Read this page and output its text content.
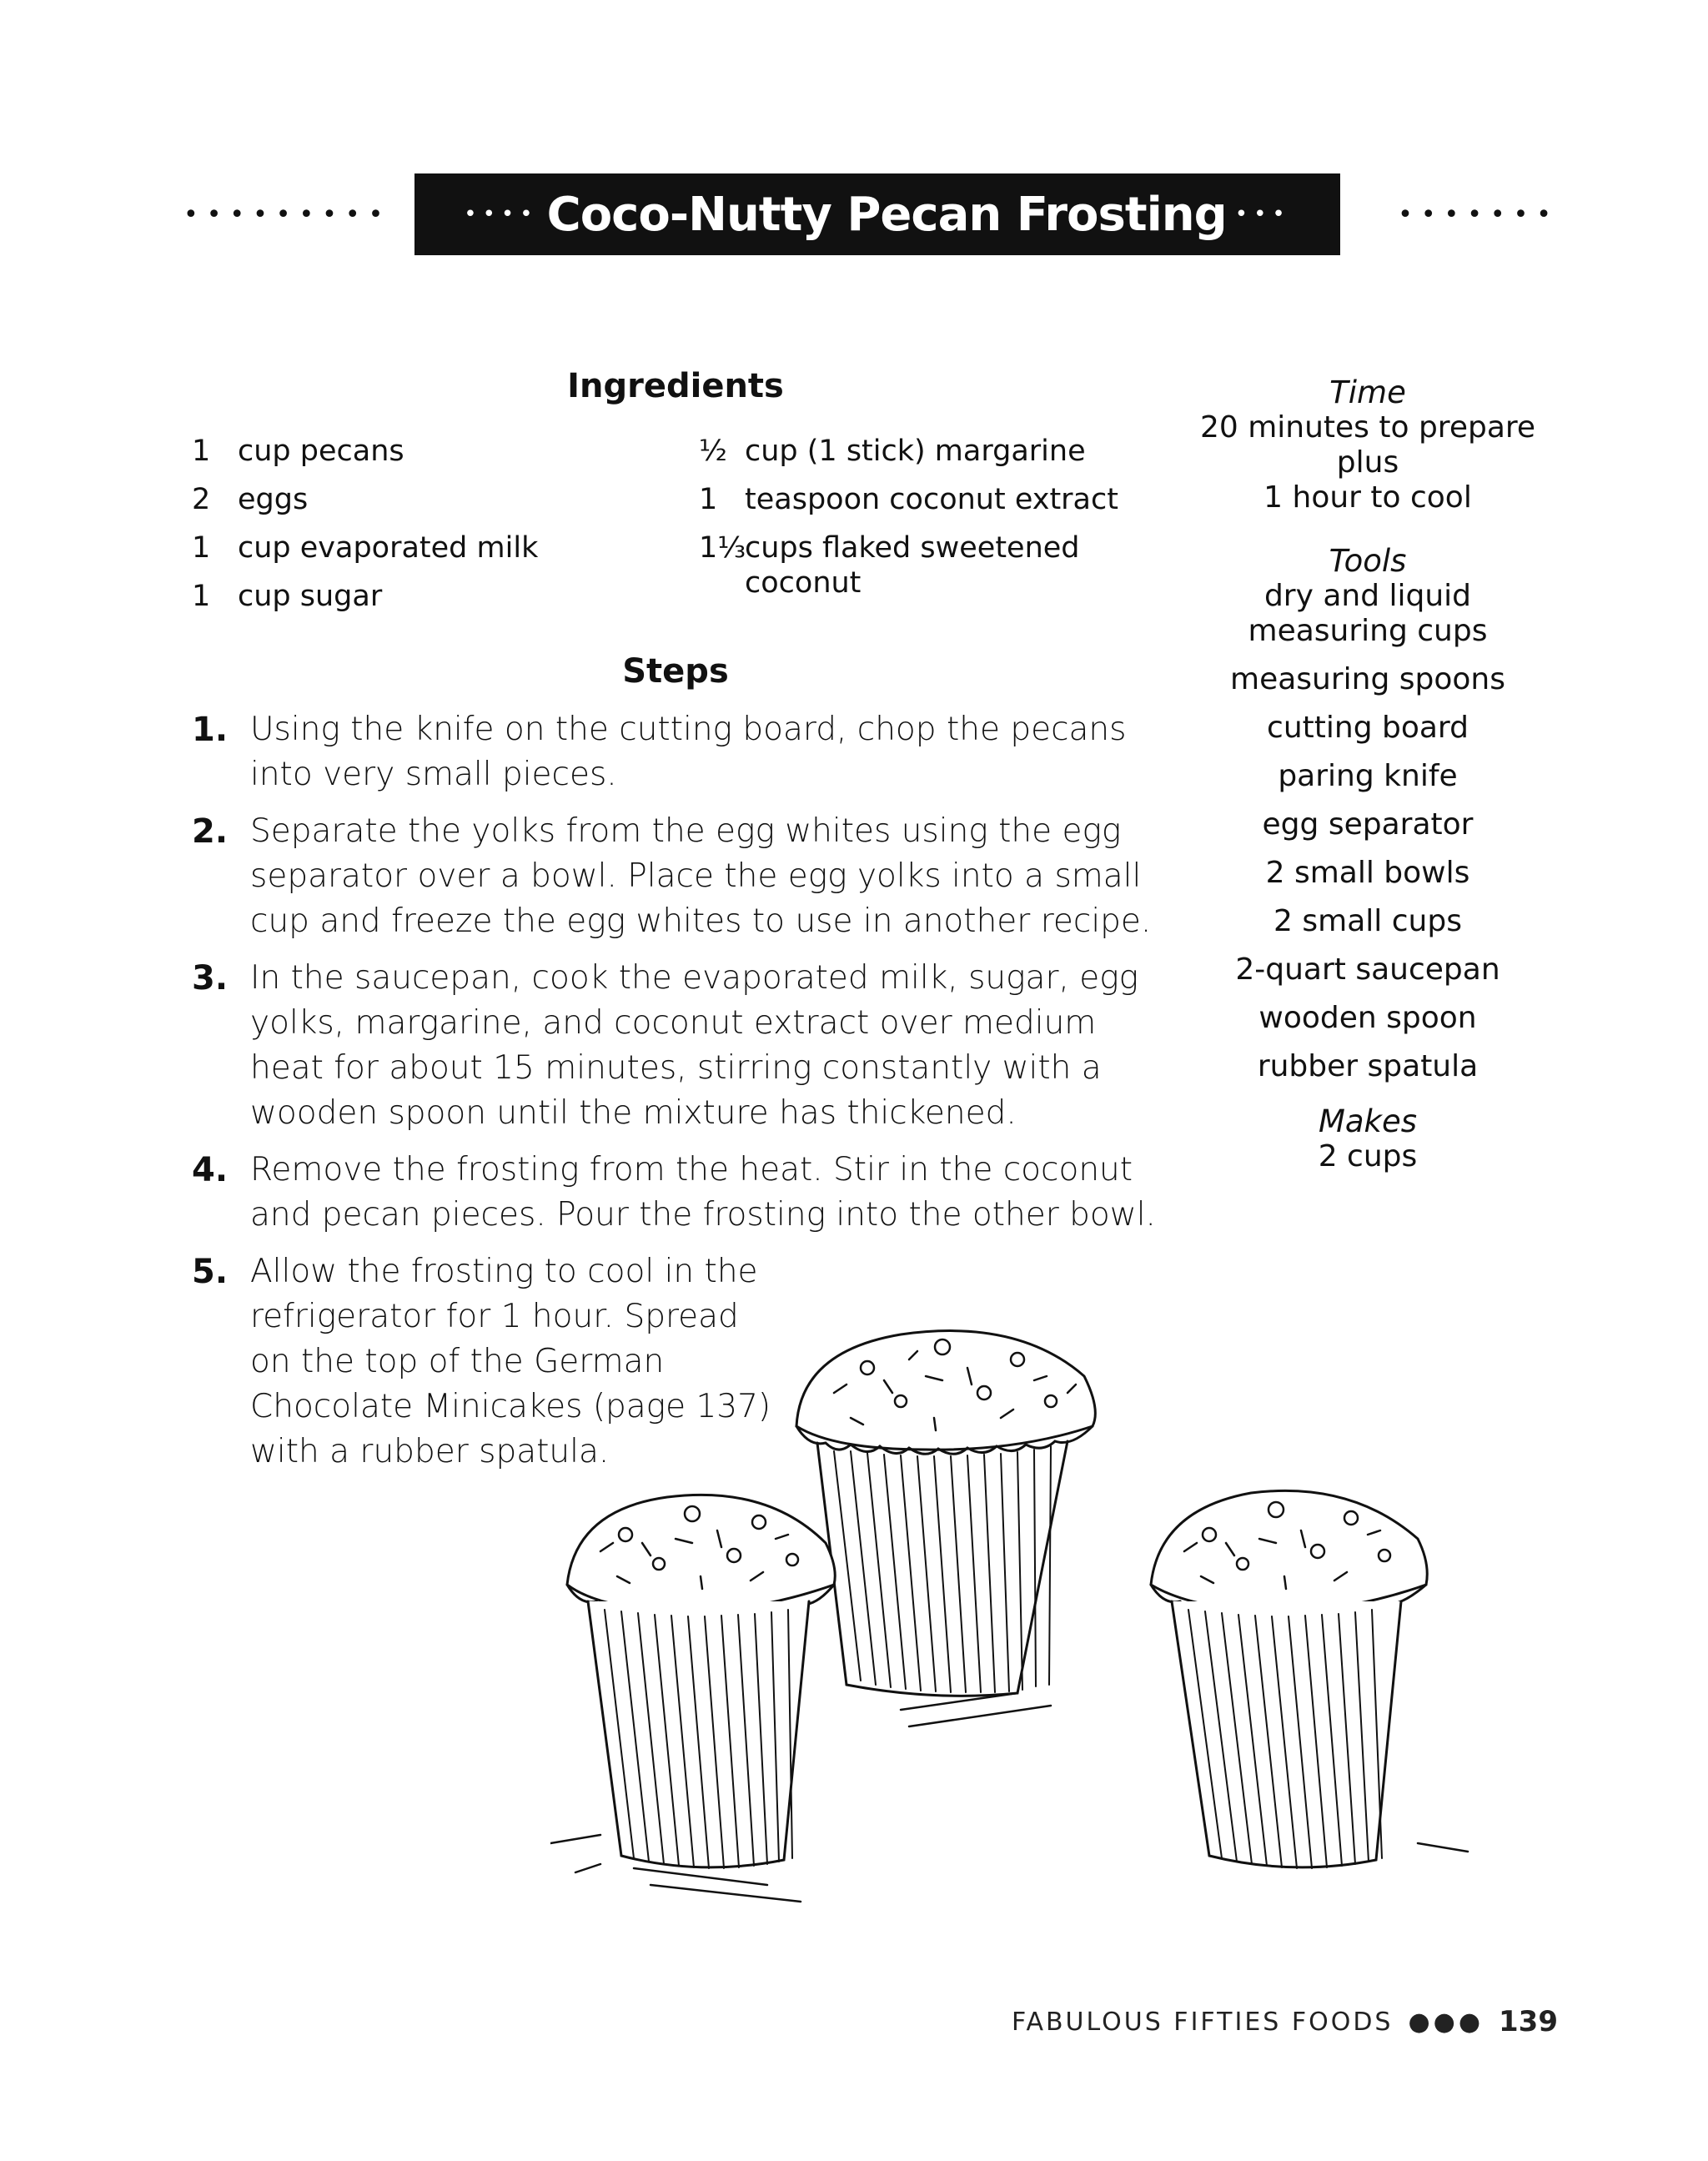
•••••••••	•••• Coco-Nutty Pecan Frosting •••	•••••••
Ingredients
1 cup pecans
2 eggs
1 cup evaporated milk
1 cup sugar
½ cup (1 stick) margarine
1 teaspoon coconut extract
1⅓
cups flaked sweetened
coconut
Steps
1. Using the knife on the cutting board, chop the pecans into very small pieces.
2. Separate the yolks from the egg whites using the egg separator over a bowl. Place the egg yolks into a small cup and freeze the egg whites to use in another recipe.
3. In the saucepan, cook the evaporated milk, sugar, egg yolks, margarine, and coconut extract over medium heat for about 15 minutes, stirring constantly with a wooden spoon until the mixture has thickened.
4. Remove the frosting from the heat. Stir in the coconut and pecan pieces. Pour the frosting into the other bowl.
5. Allow the frosting to cool in the refrigerator for 1 hour. Spread on the top of the German Chocolate Minicakes (page 137) with a rubber spatula.
Time
20 minutes to prepare
plus
1 hour to cool
Tools
dry and liquid
measuring cups
measuring spoons
cutting board
paring knife
egg separator
2 small bowls
2 small cups
2-quart saucepan
wooden spoon
rubber spatula
Makes
2 cups
FABULOUS FIFTIES FOODS ●●● 139
